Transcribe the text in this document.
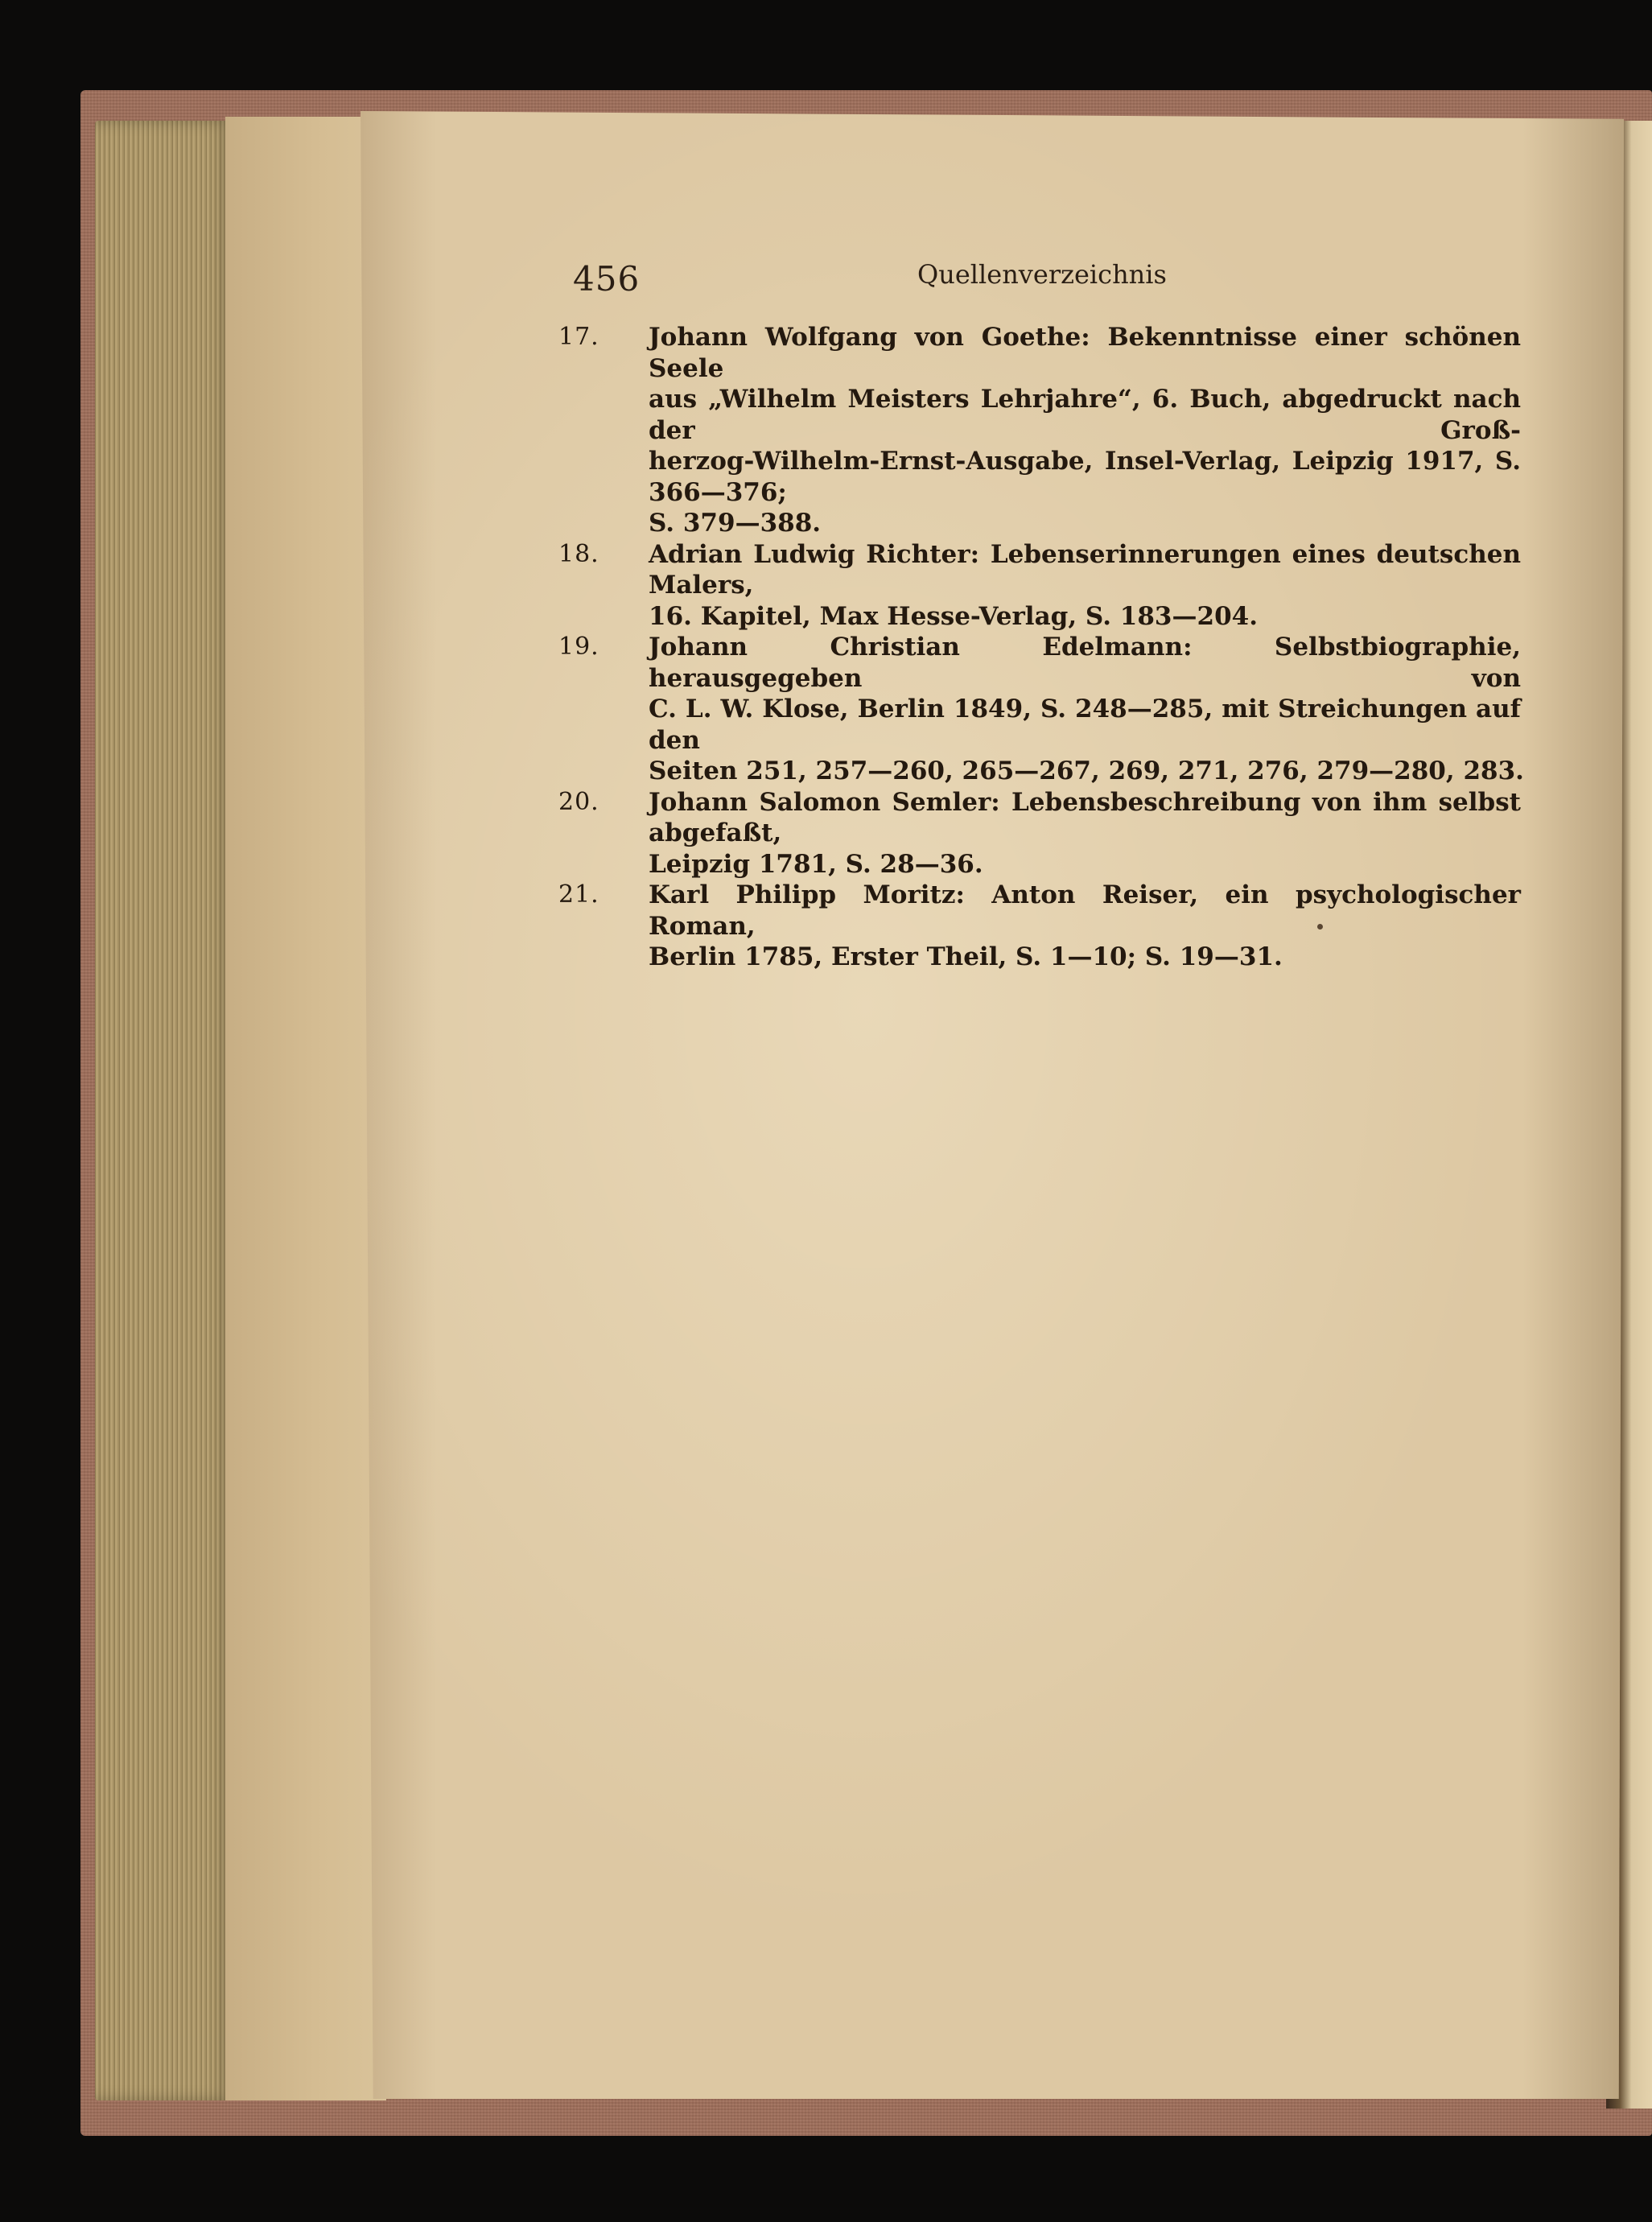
456	Quellenverzeichnis
17. Johann Wolfgang von Goethe: Bekenntnisse einer schönen Seele
aus „Wilhelm Meisters Lehrjahre“, 6. Buch, abgedruckt nach der Groß-
herzog-Wilhelm-Ernst-Ausgabe, Insel-Verlag, Leipzig 1917, S. 366—376;
S. 379—388.
18. Adrian Ludwig Richter: Lebenserinnerungen eines deutschen Malers,
16. Kapitel, Max Hesse-Verlag, S. 183—204.
19. Johann Christian Edelmann: Selbstbiographie, herausgegeben von
C. L. W. Klose, Berlin 1849, S. 248—285, mit Streichungen auf den
Seiten 251, 257—260, 265—267, 269, 271, 276, 279—280, 283.
20. Johann Salomon Semler: Lebensbeschreibung von ihm selbst abgefaßt,
Leipzig 1781, S. 28—36.
21. Karl Philipp Moritz: Anton Reiser, ein psychologischer Roman,
Berlin 1785, Erster Theil, S. 1—10; S. 19—31.
